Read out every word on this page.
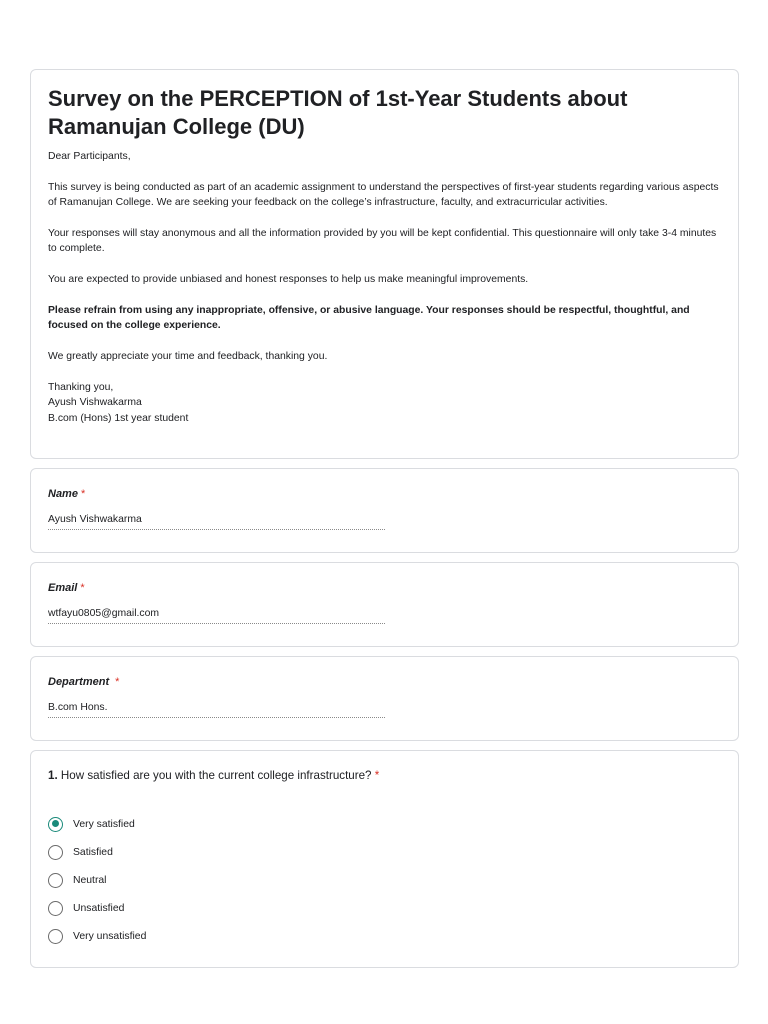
Survey on the PERCEPTION of 1st-Year Students about Ramanujan College (DU)

Dear Participants,

This survey is being conducted as part of an academic assignment to understand the perspectives of first-year students regarding various aspects of Ramanujan College. We are seeking your feedback on the college’s infrastructure, faculty, and extracurricular activities.

Your responses will stay anonymous and all the information provided by you will be kept confidential. This questionnaire will only take 3-4 minutes to complete.

You are expected to provide unbiased and honest responses to help us make meaningful improvements.

Please refrain from using any inappropriate, offensive, or abusive language. Your responses should be respectful, thoughtful, and focused on the college experience.

We greatly appreciate your time and feedback, thanking you.

Thanking you,

Ayush Vishwakarma

B.com (Hons) 1st year student

Name *
Ayush Vishwakarma
Email *
wtfayu0805@gmail.com
Department *
B.com Hons.
1. How satisfied are you with the current college infrastructure? *
Very satisfied
Satisfied
Neutral
Unsatisfied
Very unsatisfied
